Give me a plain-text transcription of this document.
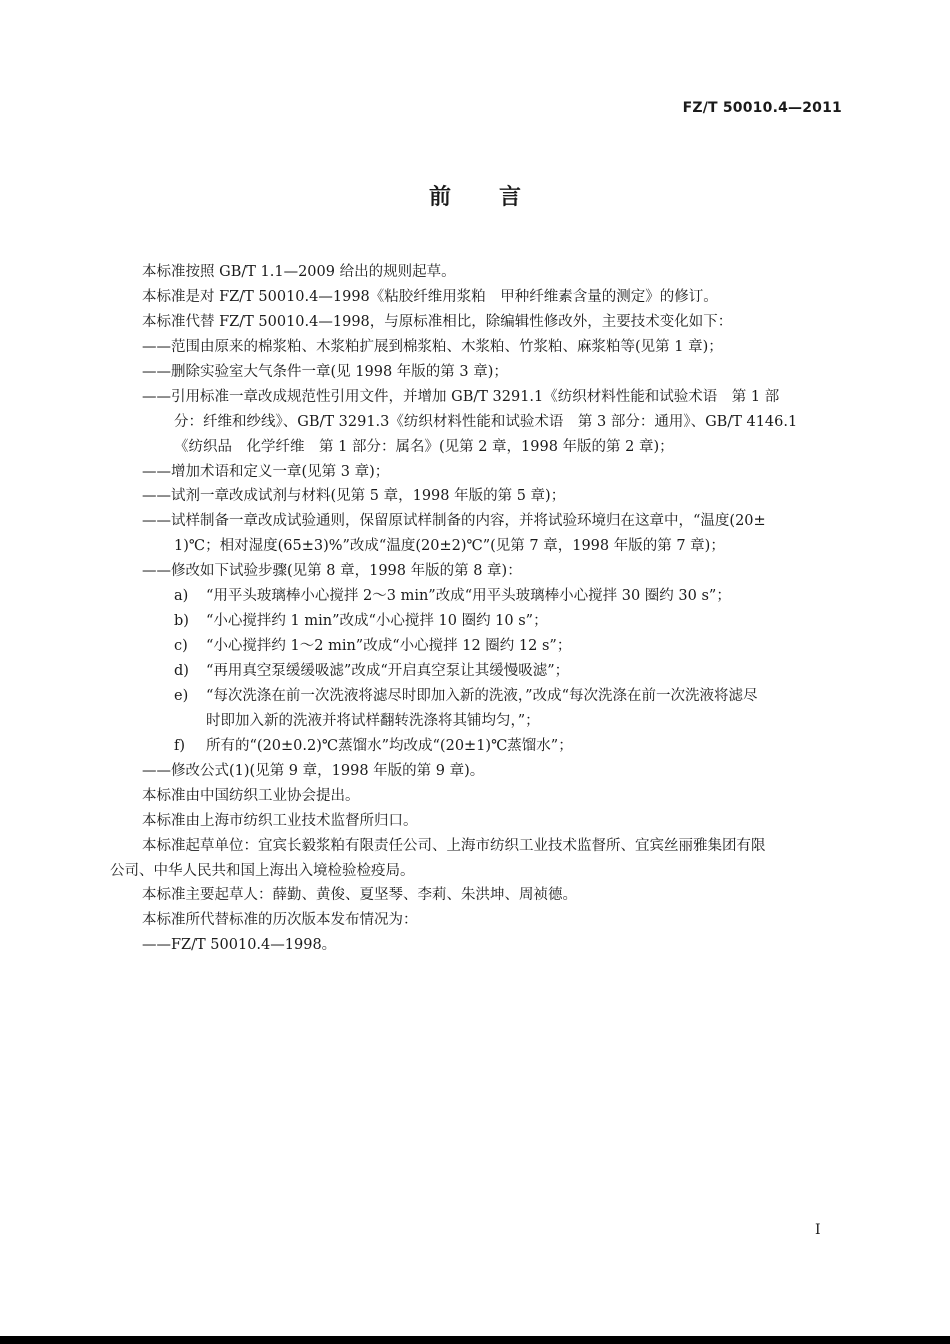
FZ/T 50010.4—2011
前言
本标准按照 GB/T 1.1—2009 给出的规则起草。
本标准是对 FZ/T 50010.4—1998《粘胶纤维用浆粕　甲种纤维素含量的测定》的修订。
本标准代替 FZ/T 50010.4—1998，与原标准相比，除编辑性修改外，主要技术变化如下：
——范围由原来的棉浆粕、木浆粕扩展到棉浆粕、木浆粕、竹浆粕、麻浆粕等(见第 1 章)；
——删除实验室大气条件一章(见 1998 年版的第 3 章)；
——引用标准一章改成规范性引用文件，并增加 GB/T 3291.1《纺织材料性能和试验术语　第 1 部
分：纤维和纱线》、GB/T 3291.3《纺织材料性能和试验术语　第 3 部分：通用》、GB/T 4146.1
《纺织品　化学纤维　第 1 部分：属名》(见第 2 章，1998 年版的第 2 章)；
——增加术语和定义一章(见第 3 章)；
——试剂一章改成试剂与材料(见第 5 章，1998 年版的第 5 章)；
——试样制备一章改成试验通则，保留原试样制备的内容，并将试验环境归在这章中，“温度(20±
1)℃；相对湿度(65±3)%”改成“温度(20±2)℃”(见第 7 章，1998 年版的第 7 章)；
——修改如下试验步骤(见第 8 章，1998 年版的第 8 章)：
a) “用平头玻璃棒小心搅拌 2～3 min”改成“用平头玻璃棒小心搅拌 30 圈约 30 s”；
b) “小心搅拌约 1 min”改成“小心搅拌 10 圈约 10 s”；
c) “小心搅拌约 1～2 min”改成“小心搅拌 12 圈约 12 s”；
d) “再用真空泵缓缓吸滤”改成“开启真空泵让其缓慢吸滤”；
e) “每次洗涤在前一次洗液将滤尽时即加入新的洗液，”改成“每次洗涤在前一次洗液将滤尽
时即加入新的洗液并将试样翻转洗涤将其铺均匀，”；
f) 所有的“(20±0.2)℃蒸馏水”均改成“(20±1)℃蒸馏水”；
——修改公式(1)(见第 9 章，1998 年版的第 9 章)。
本标准由中国纺织工业协会提出。
本标准由上海市纺织工业技术监督所归口。
本标准起草单位：宜宾长毅浆粕有限责任公司、上海市纺织工业技术监督所、宜宾丝丽雅集团有限
公司、中华人民共和国上海出入境检验检疫局。
本标准主要起草人：薛勤、黄俊、夏坚琴、李莉、朱洪坤、周祯德。
本标准所代替标准的历次版本发布情况为：
——FZ/T 50010.4—1998。
I
